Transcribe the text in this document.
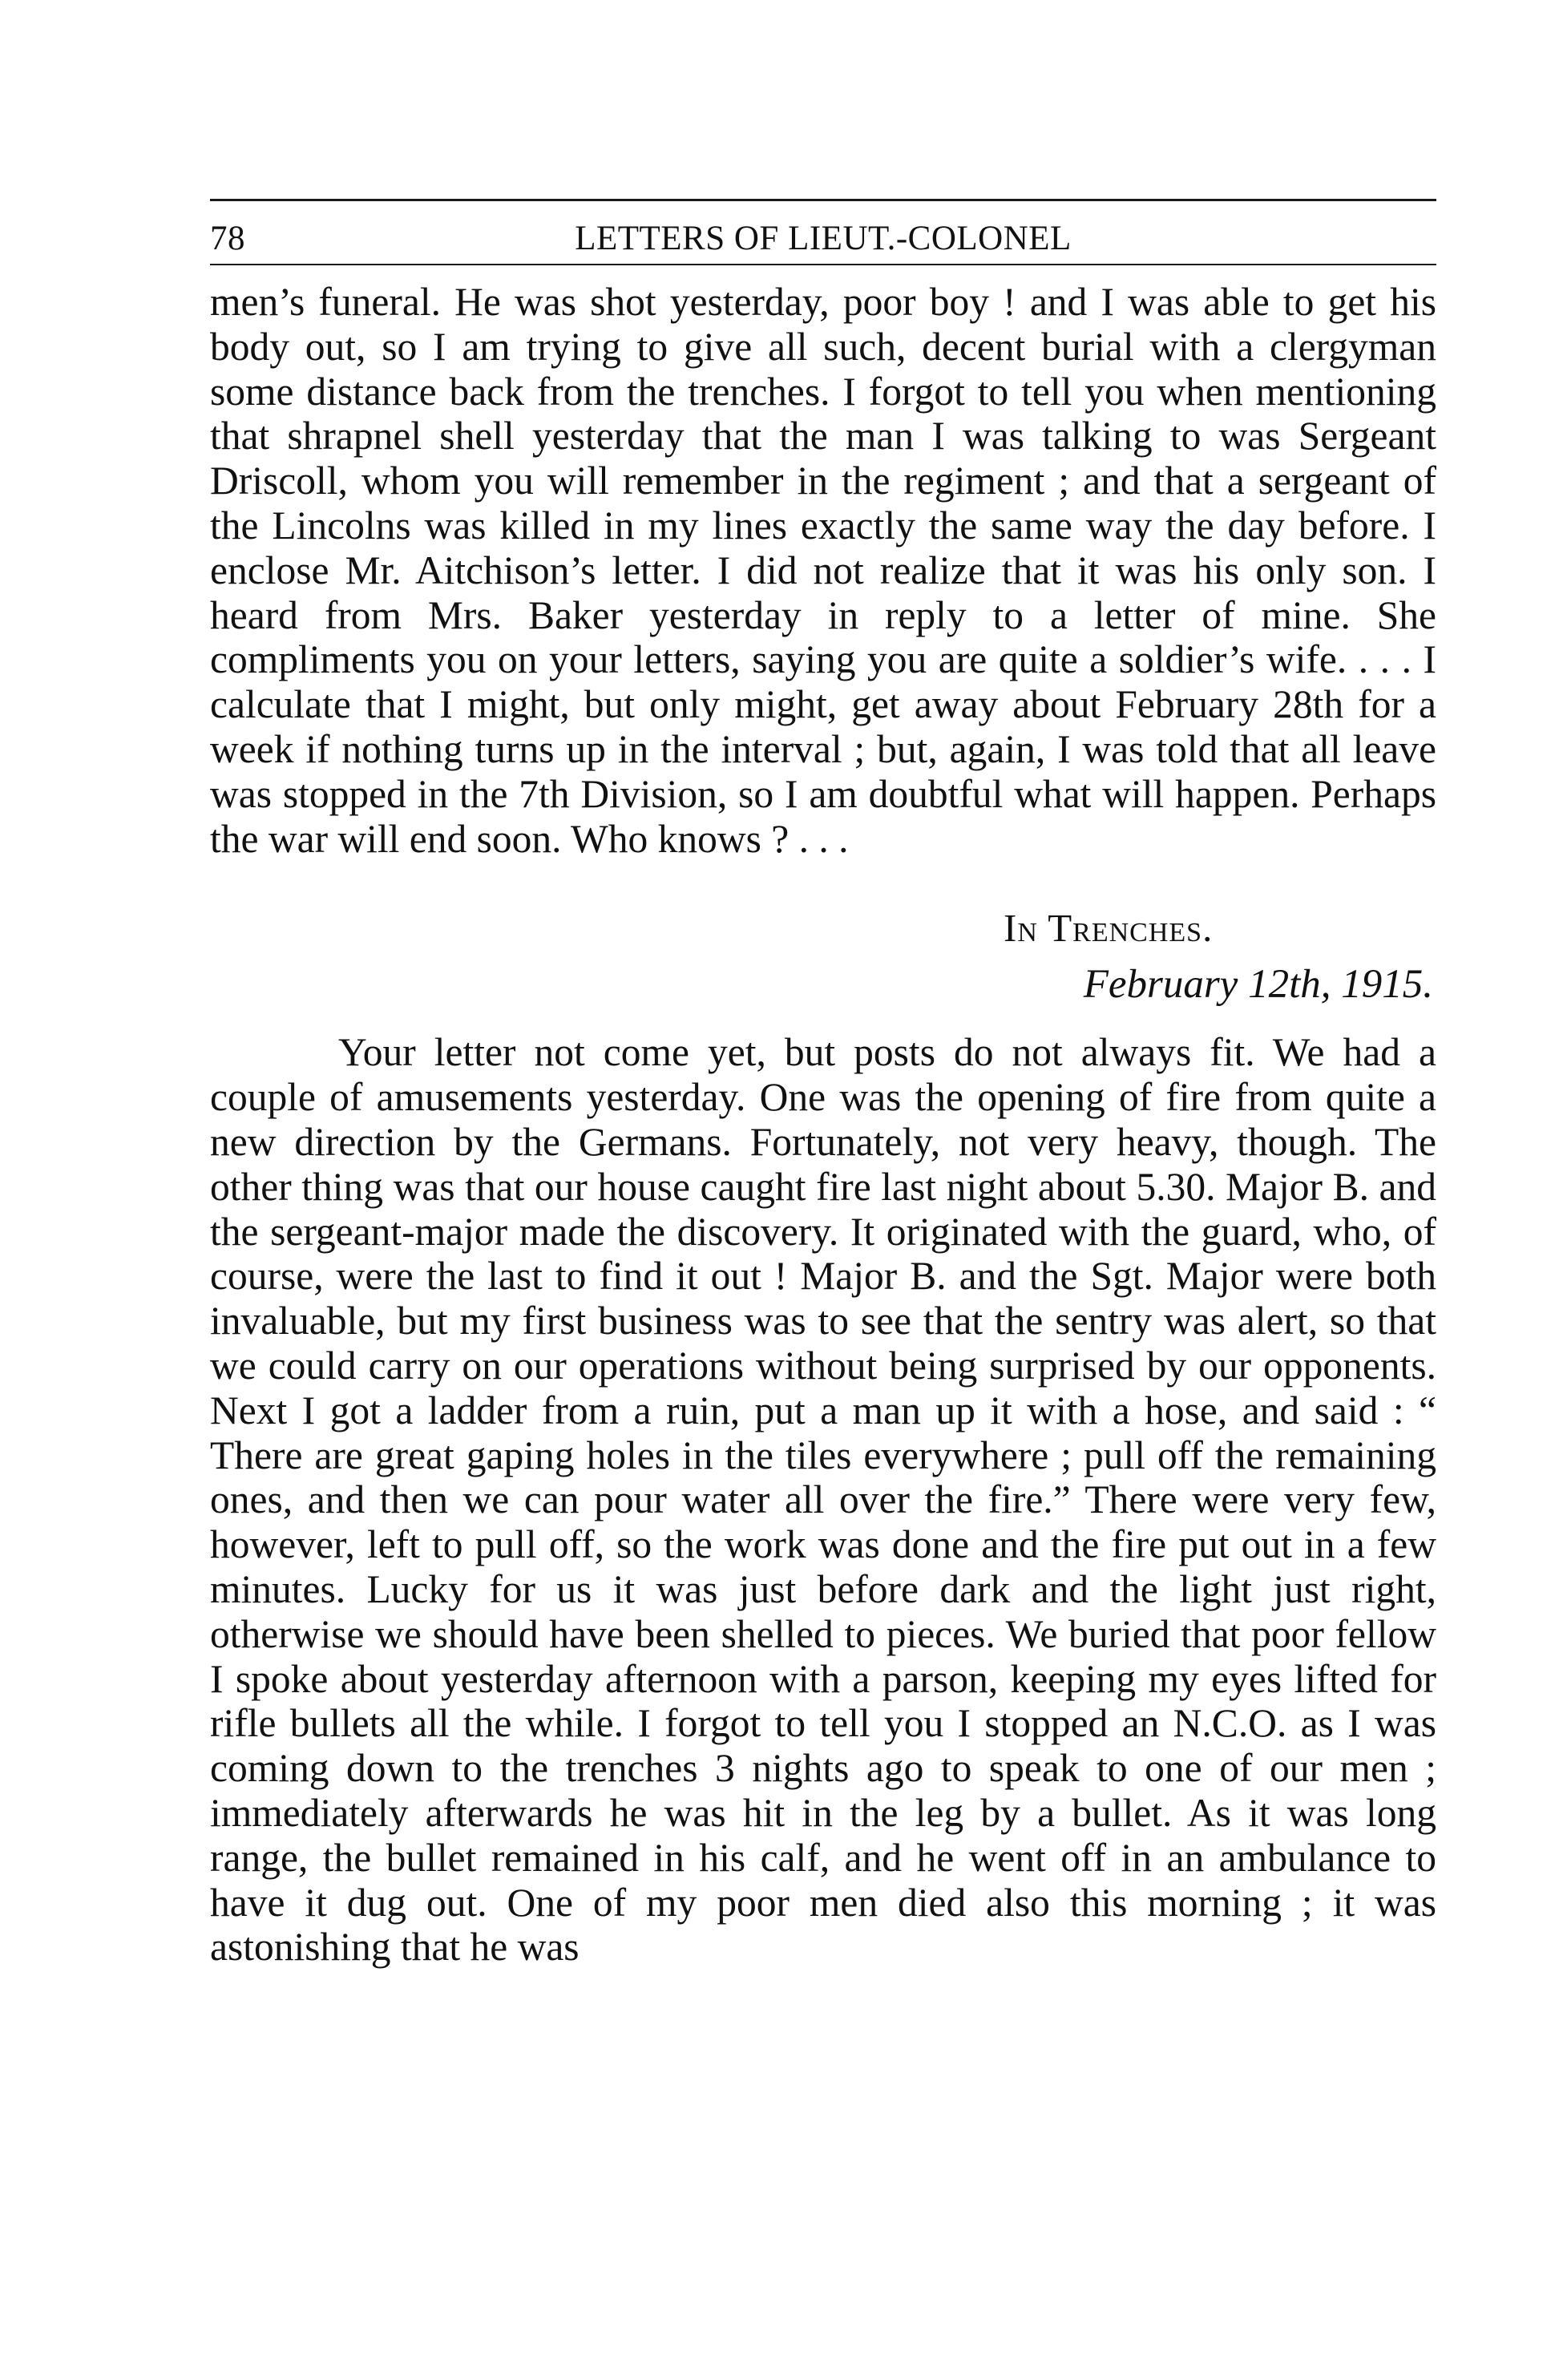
78	LETTERS OF LIEUT.-COLONEL

men’s funeral. He was shot yesterday, poor boy ! and I was able to get his body out, so I am trying to give all such, decent burial with a clergyman some distance back from the trenches. I forgot to tell you when mentioning that shrapnel shell yesterday that the man I was talking to was Sergeant Driscoll, whom you will remember in the regiment ; and that a sergeant of the Lincolns was killed in my lines exactly the same way the day before. I enclose Mr. Aitchison’s letter. I did not realize that it was his only son. I heard from Mrs. Baker yesterday in reply to a letter of mine. She compliments you on your letters, saying you are quite a soldier’s wife. . . . I calculate that I might, but only might, get away about February 28th for a week if nothing turns up in the interval ; but, again, I was told that all leave was stopped in the 7th Division, so I am doubtful what will happen. Perhaps the war will end soon. Who knows ? . . .

In Trenches.
February 12th, 1915.

Your letter not come yet, but posts do not always fit. We had a couple of amusements yesterday. One was the opening of fire from quite a new direction by the Germans. Fortunately, not very heavy, though. The other thing was that our house caught fire last night about 5.30. Major B. and the sergeant-major made the discovery. It originated with the guard, who, of course, were the last to find it out ! Major B. and the Sgt. Major were both invaluable, but my first business was to see that the sentry was alert, so that we could carry on our operations without being surprised by our opponents. Next I got a ladder from a ruin, put a man up it with a hose, and said : “ There are great gaping holes in the tiles everywhere ; pull off the remaining ones, and then we can pour water all over the fire.” There were very few, however, left to pull off, so the work was done and the fire put out in a few minutes. Lucky for us it was just before dark and the light just right, otherwise we should have been shelled to pieces. We buried that poor fellow I spoke about yesterday afternoon with a parson, keeping my eyes lifted for rifle bullets all the while. I forgot to tell you I stopped an N.C.O. as I was coming down to the trenches 3 nights ago to speak to one of our men ; immediately afterwards he was hit in the leg by a bullet. As it was long range, the bullet remained in his calf, and he went off in an ambulance to have it dug out. One of my poor men died also this morning ; it was astonishing that he was
